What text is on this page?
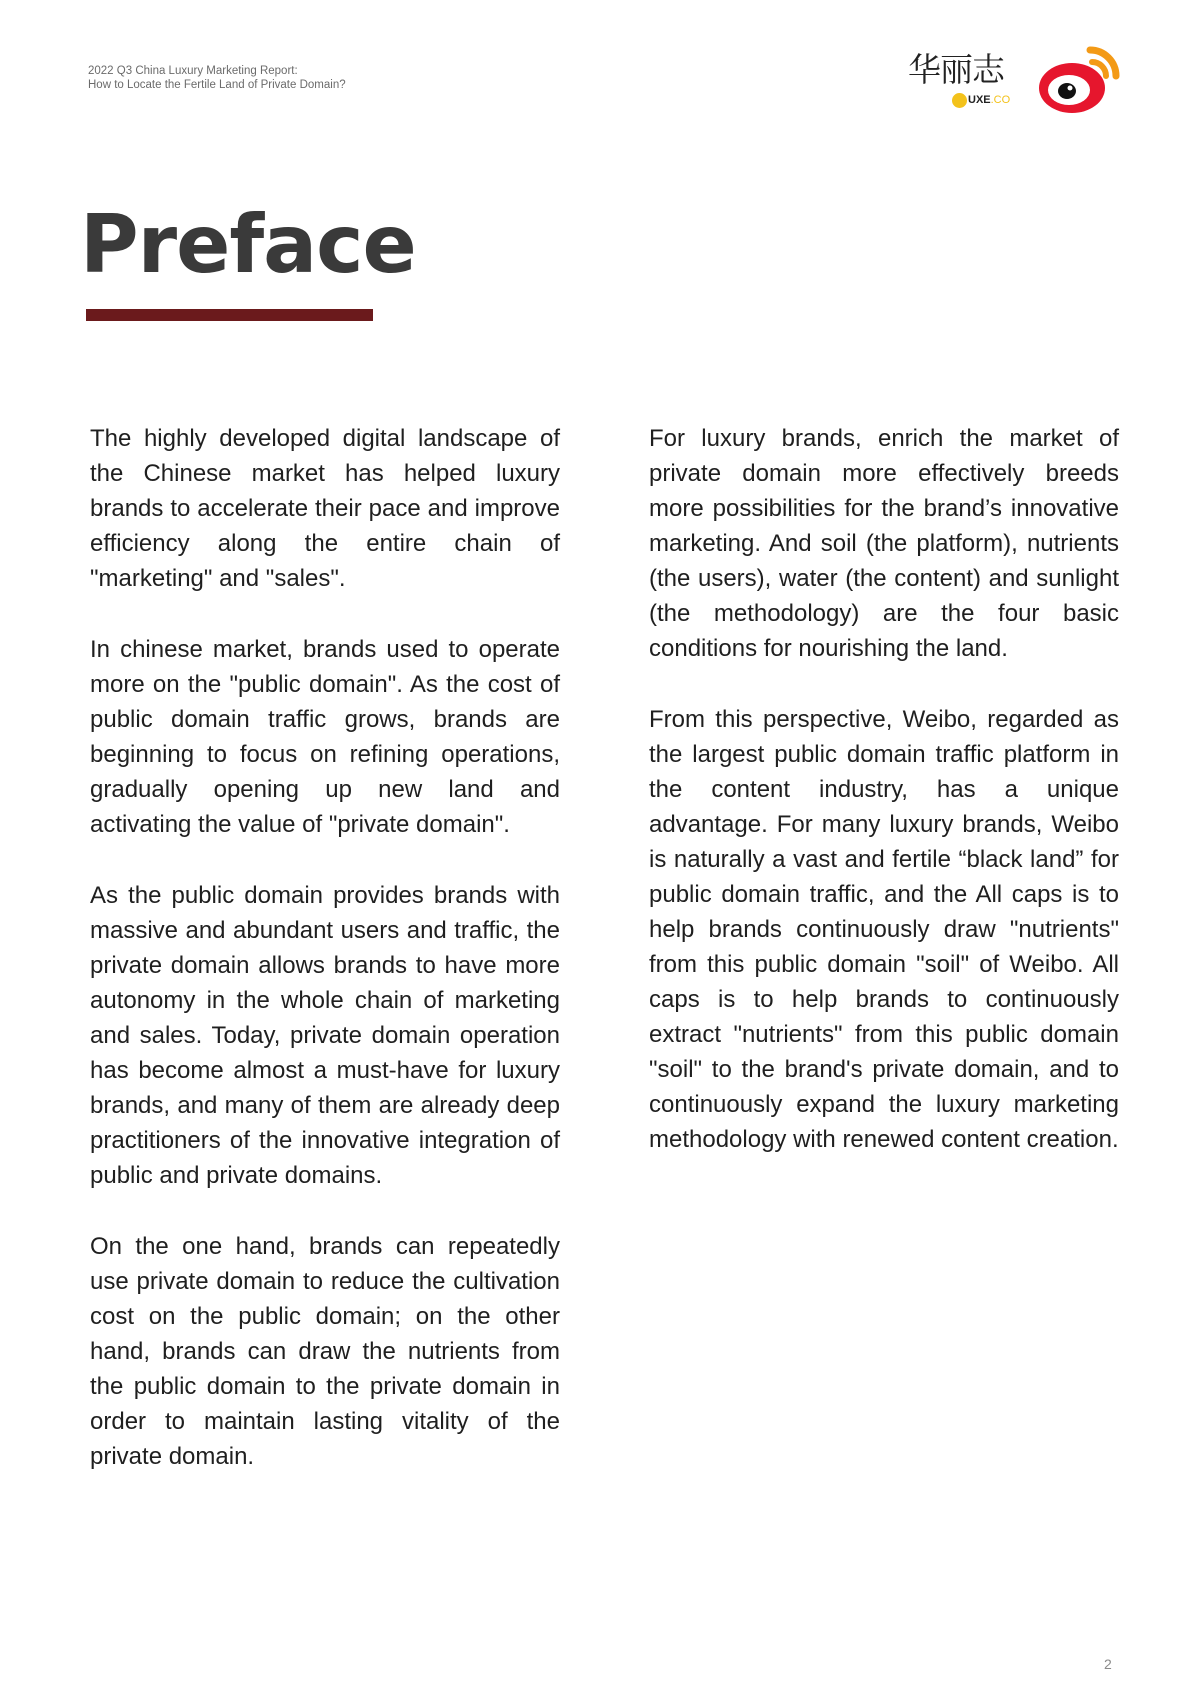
2022 Q3 China Luxury Marketing Report:
How to Locate the Fertile Land of Private Domain?	华丽志
UXE.CO
Preface

The highly developed digital landscape of the Chinese market has helped luxury brands to accelerate their pace and improve efficiency along the entire chain of "marketing" and "sales".

In chinese market, brands used to operate more on the "public domain". As the cost of public domain traffic grows, brands are beginning to focus on refining operations, gradually opening up new land and activating the value of "private domain".

As the public domain provides brands with massive and abundant users and traffic, the private domain allows brands to have more autonomy in the whole chain of marketing and sales. Today, private domain operation has become almost a must-have for luxury brands, and many of them are already deep practitioners of the innovative integration of public and private domains.

On the one hand, brands can repeatedly use private domain to reduce the cultivation cost on the public domain; on the other hand, brands can draw the nutrients from the public domain to the private domain in order to maintain lasting vitality of the private domain.

For luxury brands, enrich the market of private domain more effectively breeds more possibilities for the brand’s innovative marketing. And soil (the platform), nutrients (the users), water (the content) and sunlight (the methodology) are the four basic conditions for nourishing the land.

From this perspective, Weibo, regarded as the largest public domain traffic platform in the content industry, has a unique advantage. For many luxury brands, Weibo is naturally a vast and fertile “black land” for public domain traffic, and the All caps is to help brands continuously draw "nutrients" from this public domain "soil" of Weibo. All caps is to help brands to continuously extract "nutrients" from this public domain "soil" to the brand's private domain, and to continuously expand the luxury marketing methodology with renewed content creation.

2
